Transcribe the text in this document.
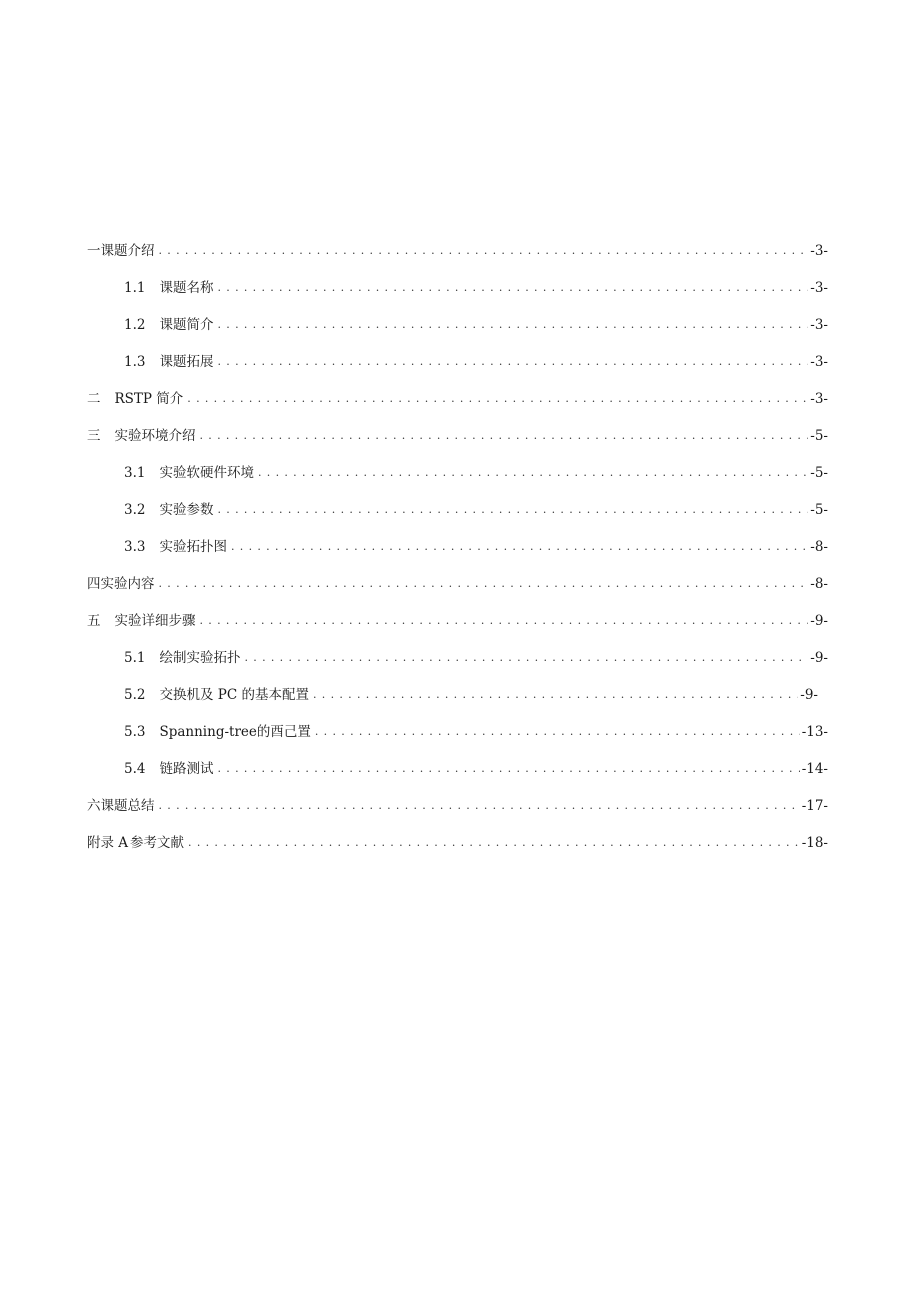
一 课题介绍 . . .	-3-
1.1 课题名称 . . .	-3-
1.2 课题简介 . . .	-3-
1.3 课题拓展 . . .	-3-
二 RSTP 简介 . . .	-3-
三 实验环境介绍 . . .	-5-
3.1 实验软硬件环境 . . .	-5-
3.2 实验参数 . . .	-5-
3.3 实验拓扑图 . . .	-8-
四 实验内容 . . .	-8-
五 实验详细步骤 . . .	-9-
5.1 绘制实验拓扑 . . .	-9-
5.2 交换机及 PC 的基本配置 . . .	-9-
5.3 Spanning-tree的酉己置 . . .	-13-
5.4 链路测试 . . .	-14-
六 课题总结 . . .	-17-
附录 A 参考文献 . . .	-18-
